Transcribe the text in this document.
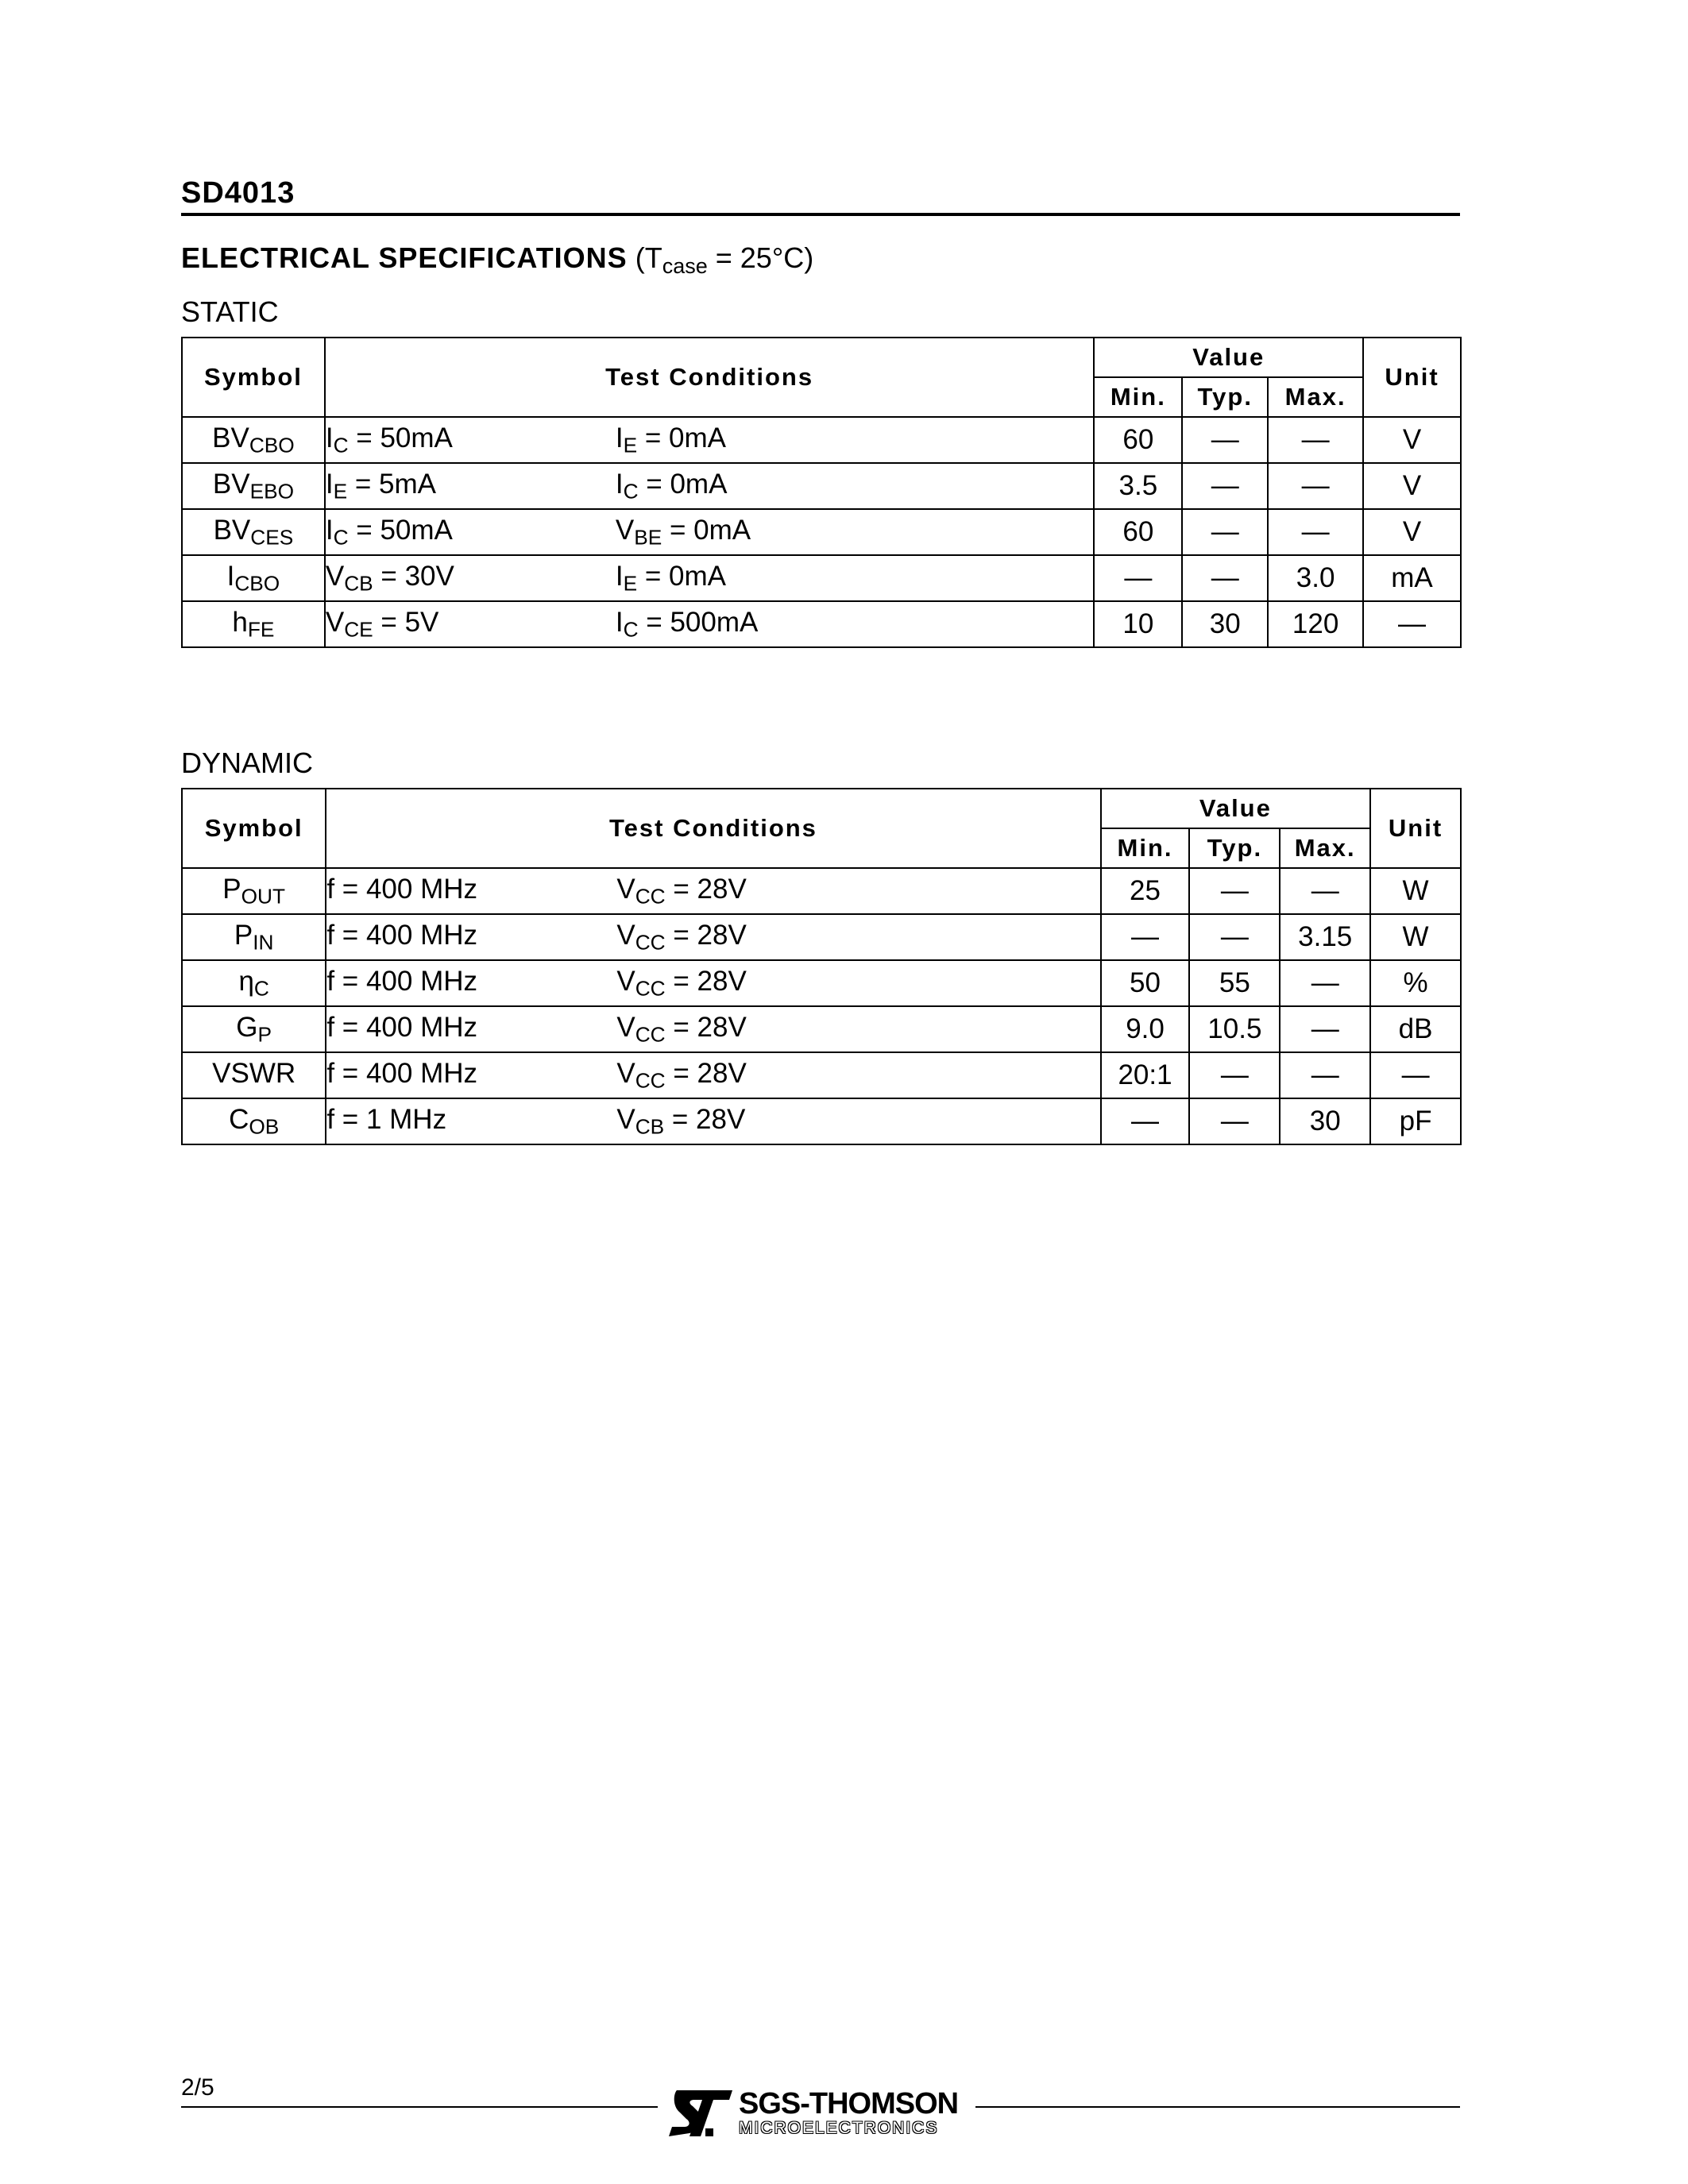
SD4013
ELECTRICAL SPECIFICATIONS $(T_{case} = 25^\circ C)$
STATIC
Symbol	Test Conditions	Value			Unit
		Min.	Typ.	Max.	
$BV_{CBO}$	$I_C = 50mA$ $I_E = 0mA$	60	—	—	V
$BV_{EBO}$	$I_E = 5mA$ $I_C = 0mA$	3.5	—	—	V
$BV_{CES}$	$I_C = 50mA$ $V_{BE} = 0mA$	60	—	—	V
$I_{CBO}$	$V_{CB} = 30V$ $I_E = 0mA$	—	—	3.0	mA
$h_{FE}$	$V_{CE} = 5V$ $I_C = 500mA$	10	30	120	—
DYNAMIC
Symbol	Test Conditions	Value			Unit
		Min.	Typ.	Max.	
$P_{OUT}$	f = 400 MHz $V_{CC} = 28V$	25	—	—	W
$P_{IN}$	f = 400 MHz $V_{CC} = 28V$	—	—	3.15	W
$\eta_C$	f = 400 MHz $V_{CC} = 28V$	50	55	—	%
$G_P$	f = 400 MHz $V_{CC} = 28V$	9.0	10.5	—	dB
VSWR	f = 400 MHz $V_{CC} = 28V$	20:1	—	—	—
$C_{OB}$	f = 1 MHz $V_{CB} = 28V$	—	—	30	pF
2/5	SGS-THOMSON
MICROELECTRONICS
